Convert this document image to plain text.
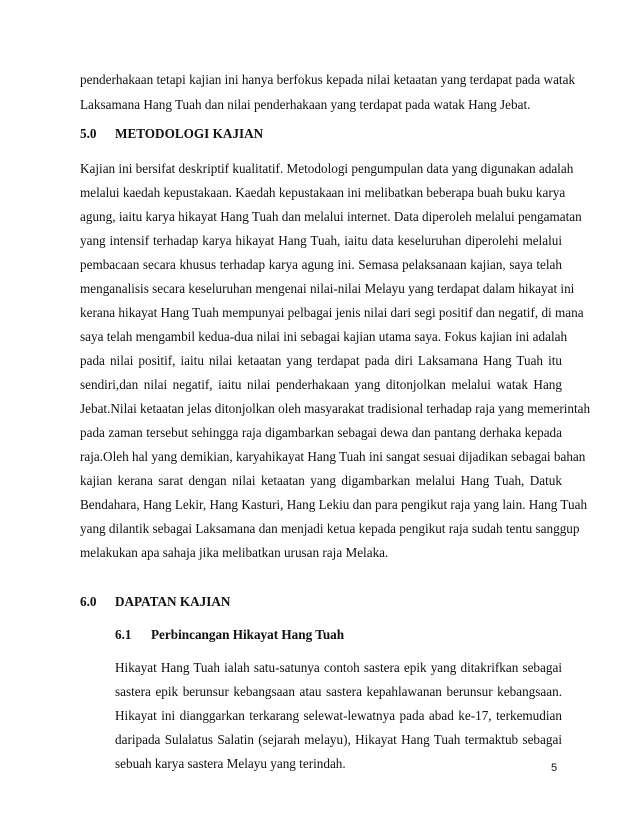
penderhakaan tetapi kajian ini hanya berfokus kepada nilai ketaatan yang terdapat pada watak
Laksamana Hang Tuah dan nilai penderhakaan yang terdapat pada watak Hang Jebat.
5.0 METODOLOGI KAJIAN
Kajian ini bersifat deskriptif kualitatif. Metodologi pengumpulan data yang digunakan adalah
melalui kaedah kepustakaan. Kaedah kepustakaan ini melibatkan beberapa buah buku karya
agung, iaitu karya hikayat Hang Tuah dan melalui internet. Data diperoleh melalui pengamatan
yang intensif terhadap karya hikayat Hang Tuah, iaitu data keseluruhan diperolehi melalui
pembacaan secara khusus terhadap karya agung ini. Semasa pelaksanaan kajian, saya telah
menganalisis secara keseluruhan mengenai nilai-nilai Melayu yang terdapat dalam hikayat ini
kerana hikayat Hang Tuah mempunyai pelbagai jenis nilai dari segi positif dan negatif, di mana
saya telah mengambil kedua-dua nilai ini sebagai kajian utama saya. Fokus kajian ini adalah
pada nilai positif, iaitu nilai ketaatan yang terdapat pada diri Laksamana Hang Tuah itu
sendiri,dan nilai negatif, iaitu nilai penderhakaan yang ditonjolkan melalui watak Hang
Jebat.Nilai ketaatan jelas ditonjolkan oleh masyarakat tradisional terhadap raja yang memerintah
pada zaman tersebut sehingga raja digambarkan sebagai dewa dan pantang derhaka kepada
raja.Oleh hal yang demikian, karyahikayat Hang Tuah ini sangat sesuai dijadikan sebagai bahan
kajian kerana sarat dengan nilai ketaatan yang digambarkan melalui Hang Tuah, Datuk
Bendahara, Hang Lekir, Hang Kasturi, Hang Lekiu dan para pengikut raja yang lain. Hang Tuah
yang dilantik sebagai Laksamana dan menjadi ketua kepada pengikut raja sudah tentu sanggup
melakukan apa sahaja jika melibatkan urusan raja Melaka.
6.0 DAPATAN KAJIAN
6.1 Perbincangan Hikayat Hang Tuah
Hikayat Hang Tuah ialah satu-satunya contoh sastera epik yang ditakrifkan sebagai
sastera epik berunsur kebangsaan atau sastera kepahlawanan berunsur kebangsaan.
Hikayat ini dianggarkan terkarang selewat-lewatnya pada abad ke-17, terkemudian
daripada Sulalatus Salatin (sejarah melayu), Hikayat Hang Tuah termaktub sebagai
sebuah karya sastera Melayu yang terindah.	5
